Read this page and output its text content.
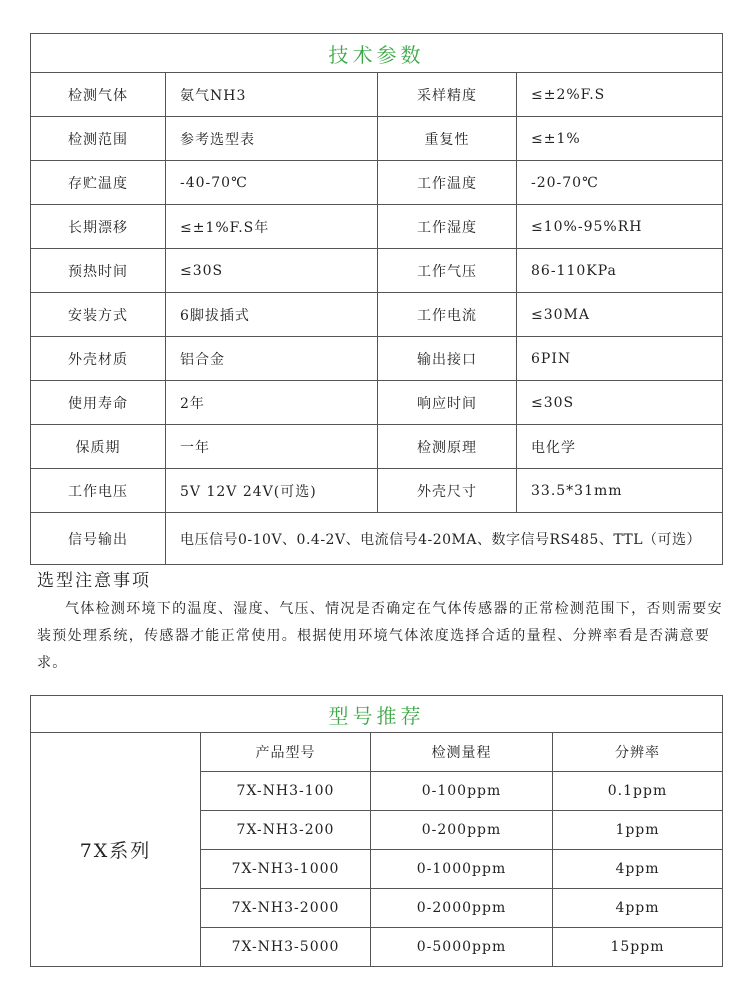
技术参数			
检测气体	氨气NH3	采样精度	≤±2%F.S
检测范围	参考选型表	重复性	≤±1%
存贮温度	-40-70℃	工作温度	-20-70℃
长期漂移	≤±1%F.S年	工作湿度	≤10%-95%RH
预热时间	≤30S	工作气压	86-110KPa
安装方式	6脚拔插式	工作电流	≤30MA
外壳材质	铝合金	输出接口	6PIN
使用寿命	2年	响应时间	≤30S
保质期	一年	检测原理	电化学
工作电压	5V 12V 24V(可选)	外壳尺寸	33.5*31mm
信号输出	电压信号0-10V、0.4-2V、电流信号4-20MA、数字信号RS485、TTL（可选）		
选型注意事项

气体检测环境下的温度、湿度、气压、情况是否确定在气体传感器的正常检测范围下，否则需要安装预处理系统，传感器才能正常使用。根据使用环境气体浓度选择合适的量程、分辨率看是否满意要求。

型号推荐			
7X系列	产品型号	检测量程	分辨率
	7X-NH3-100	0-100ppm	0.1ppm
	7X-NH3-200	0-200ppm	1ppm
	7X-NH3-1000	0-1000ppm	4ppm
	7X-NH3-2000	0-2000ppm	4ppm
	7X-NH3-5000	0-5000ppm	15ppm
